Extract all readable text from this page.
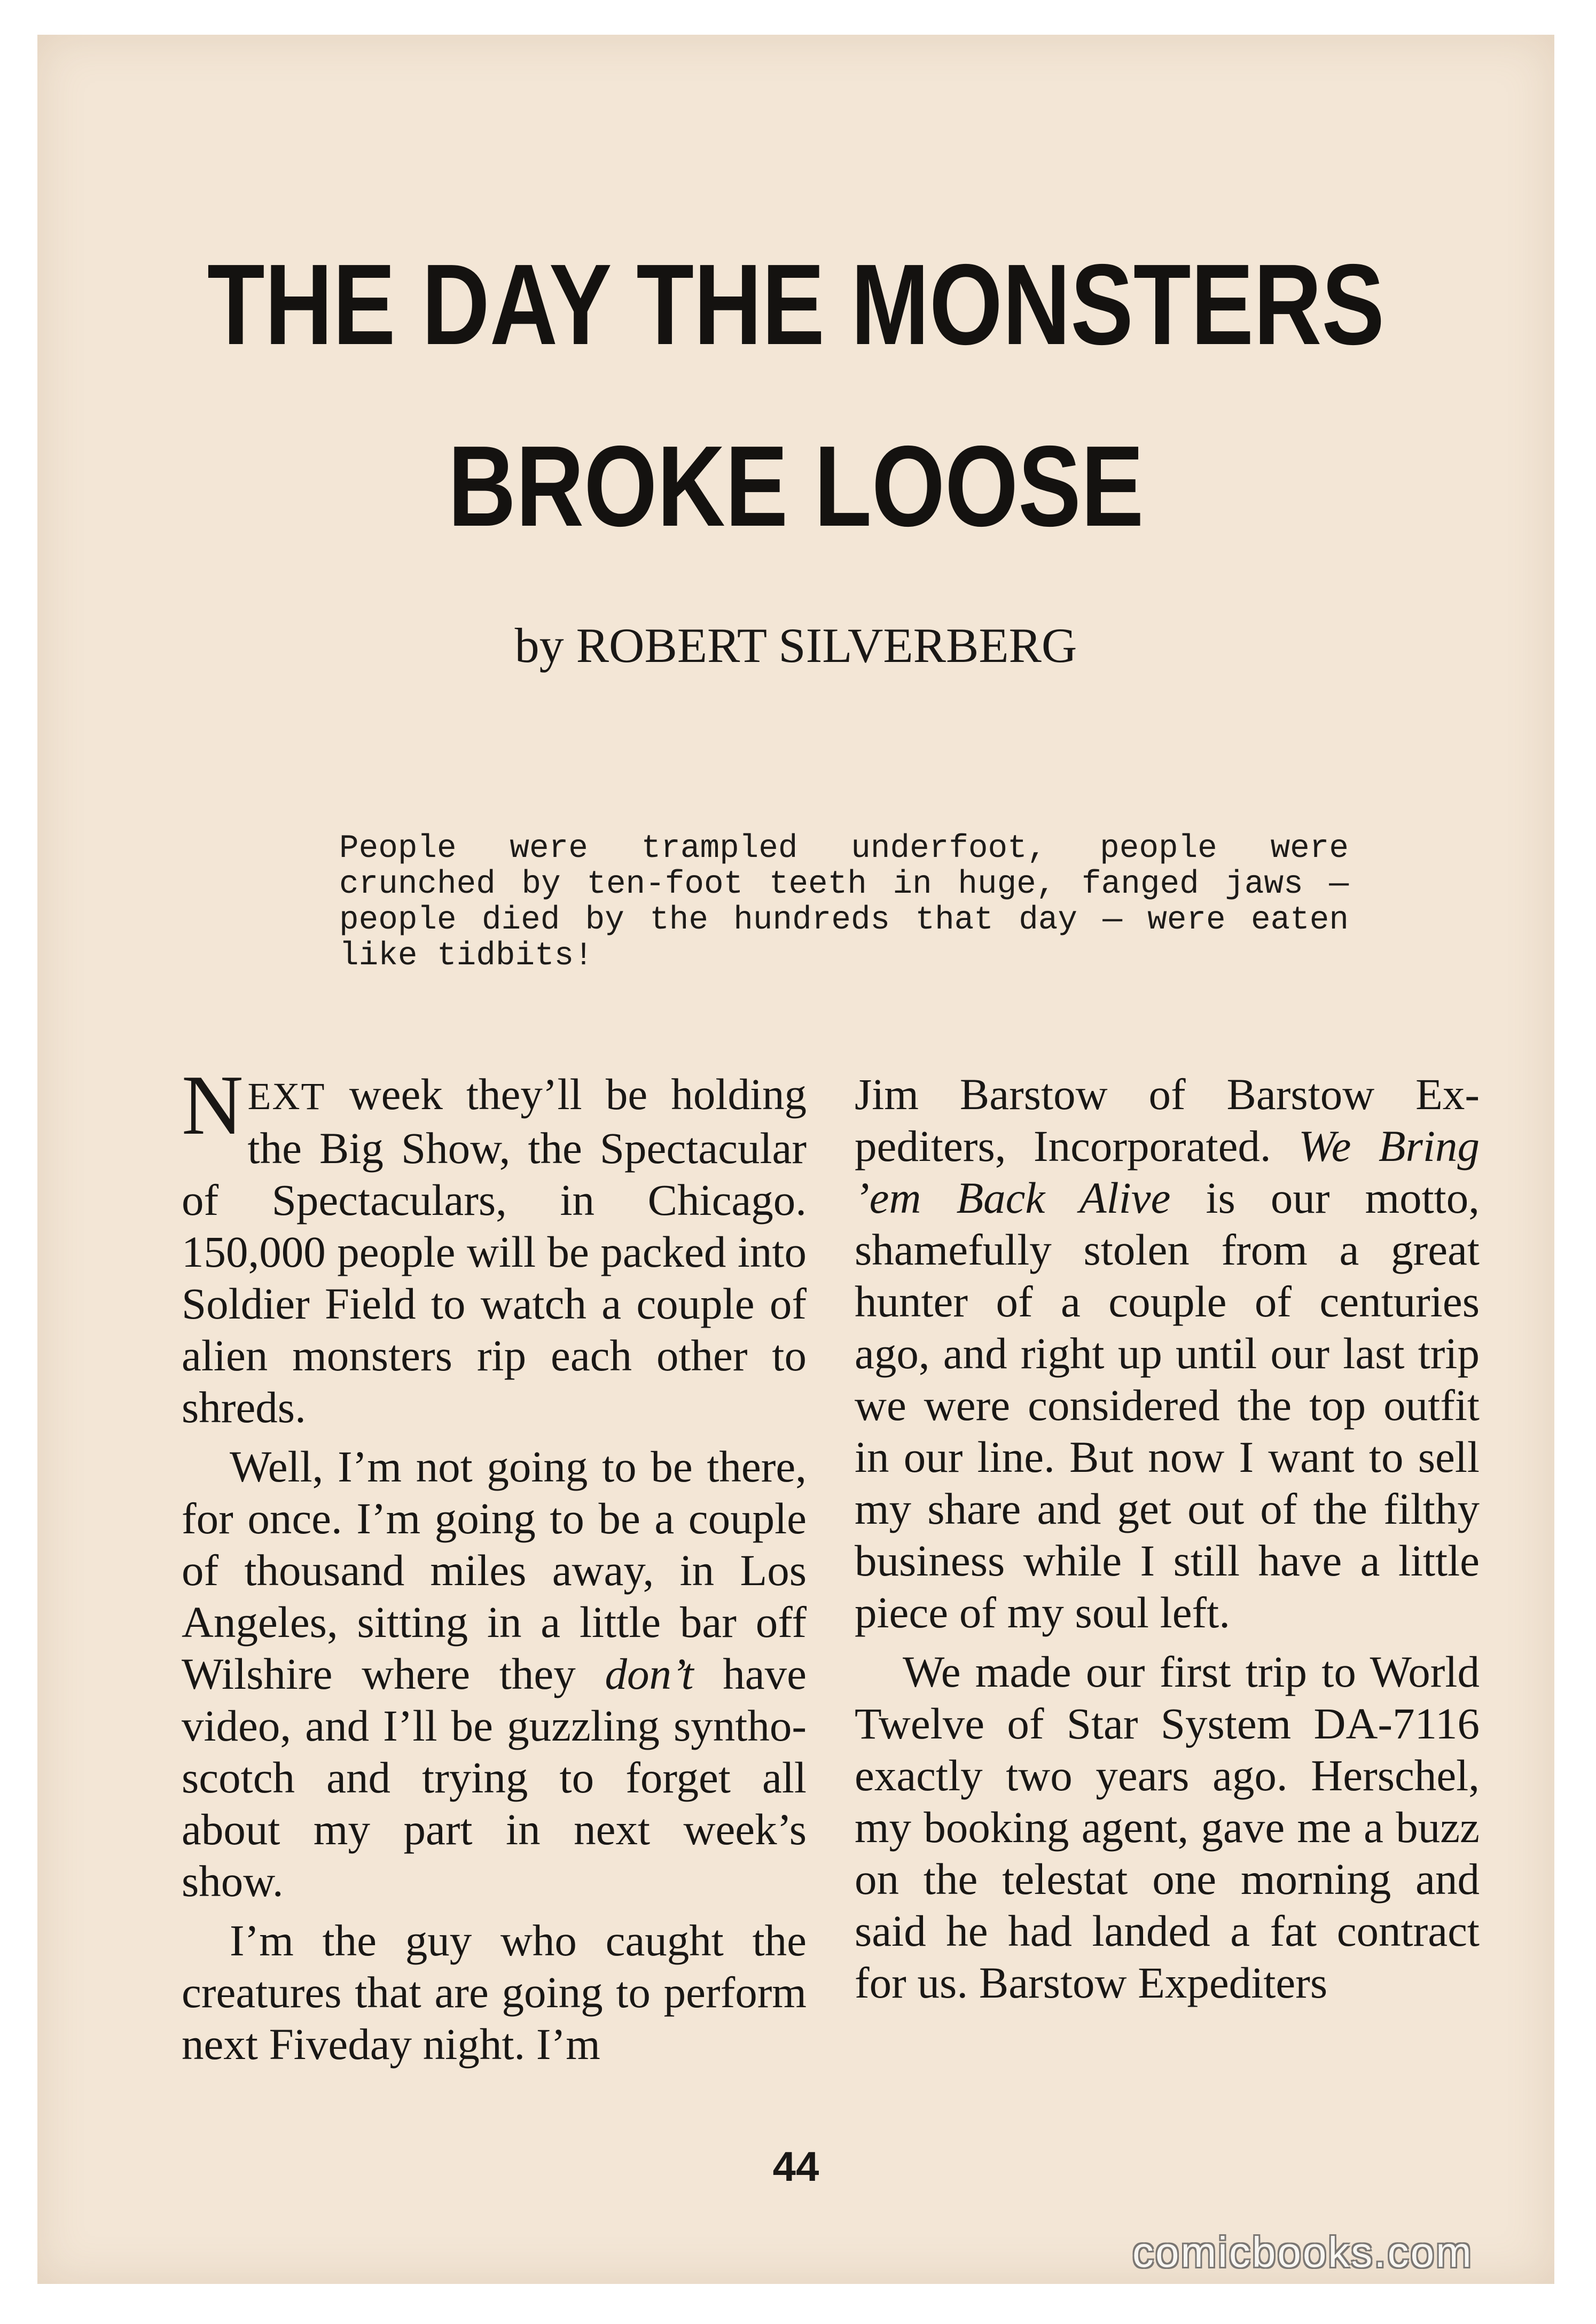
THE DAY THE MONSTERS
BROKE LOOSE
by ROBERT SILVERBERG
People were trampled underfoot, people were crunched by ten-foot teeth in huge, fanged jaws — people died by the hundreds that day — were eaten like tidbits!

NEXT week they’ll be holding the Big Show, the Spectacular of Spectaculars, in Chicago. 150,000 people will be packed into Soldier Field to watch a couple of alien monsters rip each other to shreds.

Well, I’m not going to be there, for once. I’m going to be a couple of thousand miles away, in Los Angeles, sitting in a little bar off Wilshire where they don’t have video, and I’ll be guzzling synthoscotch and trying to forget all about my part in next week’s show.

I’m the guy who caught the creatures that are going to perform next Fiveday night. I’m

Jim Barstow of Barstow Expediters, Incorporated. We Bring ’em Back Alive is our motto, shamefully stolen from a great hunter of a couple of centuries ago, and right up until our last trip we were considered the top outfit in our line. But now I want to sell my share and get out of the filthy business while I still have a little piece of my soul left.

We made our first trip to World Twelve of Star System DA-7116 exactly two years ago. Herschel, my booking agent, gave me a buzz on the telestat one morning and said he had landed a fat contract for us. Barstow Expediters

44
comicbooks.com
